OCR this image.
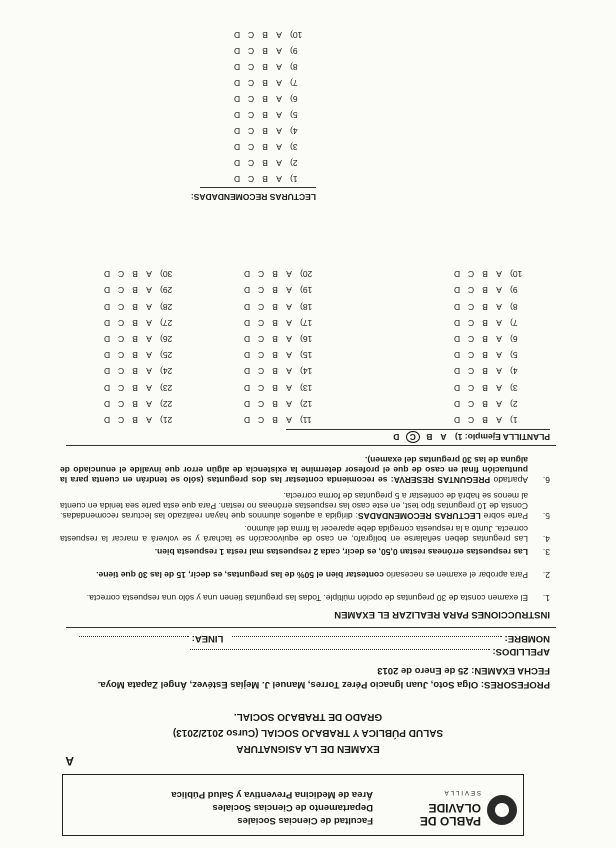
PABLO DE OLAVIDE
SEVILLA
Facultad de Ciencias Sociales
Departamento de Ciencias Sociales
Área de Medicina Preventiva y Salud Pública
A
EXAMEN DE LA ASIGNATURA
SALUD PÚBLICA Y TRABAJO SOCIAL (Curso 2012/2013)
GRADO DE TRABAJO SOCIAL.
PROFESORES: Olga Soto, Juan Ignacio Pérez Torres, Manuel J. Mejías Estévez, Ángel Zapata Moya.
FECHA EXAMEN: 25 de Enero de 2013
APELLIDOS:
NOMBRE:  LINEA:
INSTRUCCIONES PARA REALIZAR EL EXAMEN
1.
El examen consta de 30 preguntas de opción múltiple. Todas las preguntas tienen una y sólo una respuesta correcta.
2.
Para aprobar el examen es necesario contestar bien el 50% de las preguntas, es decir, 15 de las 30 que tiene.
3.
Las respuestas erróneas restan 0,50, es decir, cada 2 respuestas mal resta 1 respuesta bien.
4.
Las preguntas deben señalarse en bolígrafo, en caso de equivocación se tachará y se volverá a marcar la respuesta correcta. Junto a la respuesta corregida debe aparecer la firma del alumno.
5.
Parte sobre LECTURAS RECOMENDADAS: dirigida a aquellos alumnos que hayan realizado las lecturas recomendadas. Consta de 10 preguntas tipo test, en este caso las respuestas erróneas no restan. Para que esta parte sea tenida en cuenta al menos se habrá de contestar a 5 preguntas de forma correcta.
6.
Apartado PREGUNTAS RESERVA: se recomienda contestar las dos preguntas (sólo se tendrán en cuenta para la puntuación final en caso de que el profesor determine la existencia de algún error que invalide el enunciado de alguna de las 30 preguntas del examen).
PLANTILLA Ejemplo: 1) A B C D
1)ABCD
2)ABCD
3)ABCD
4)ABCD
5)ABCD
6)ABCD
7)ABCD
8)ABCD
9)ABCD
10)ABCD
11)ABCD
12)ABCD
13)ABCD
14)ABCD
15)ABCD
16)ABCD
17)ABCD
18)ABCD
19)ABCD
20)ABCD
21)ABCD
22)ABCD
23)ABCD
24)ABCD
25)ABCD
26)ABCD
27)ABCD
28)ABCD
29)ABCD
30)ABCD
LECTURAS RECOMENDADAS:
1)ABCD
2)ABCD
3)ABCD
4)ABCD
5)ABCD
6)ABCD
7)ABCD
8)ABCD
9)ABCD
10)ABCD
